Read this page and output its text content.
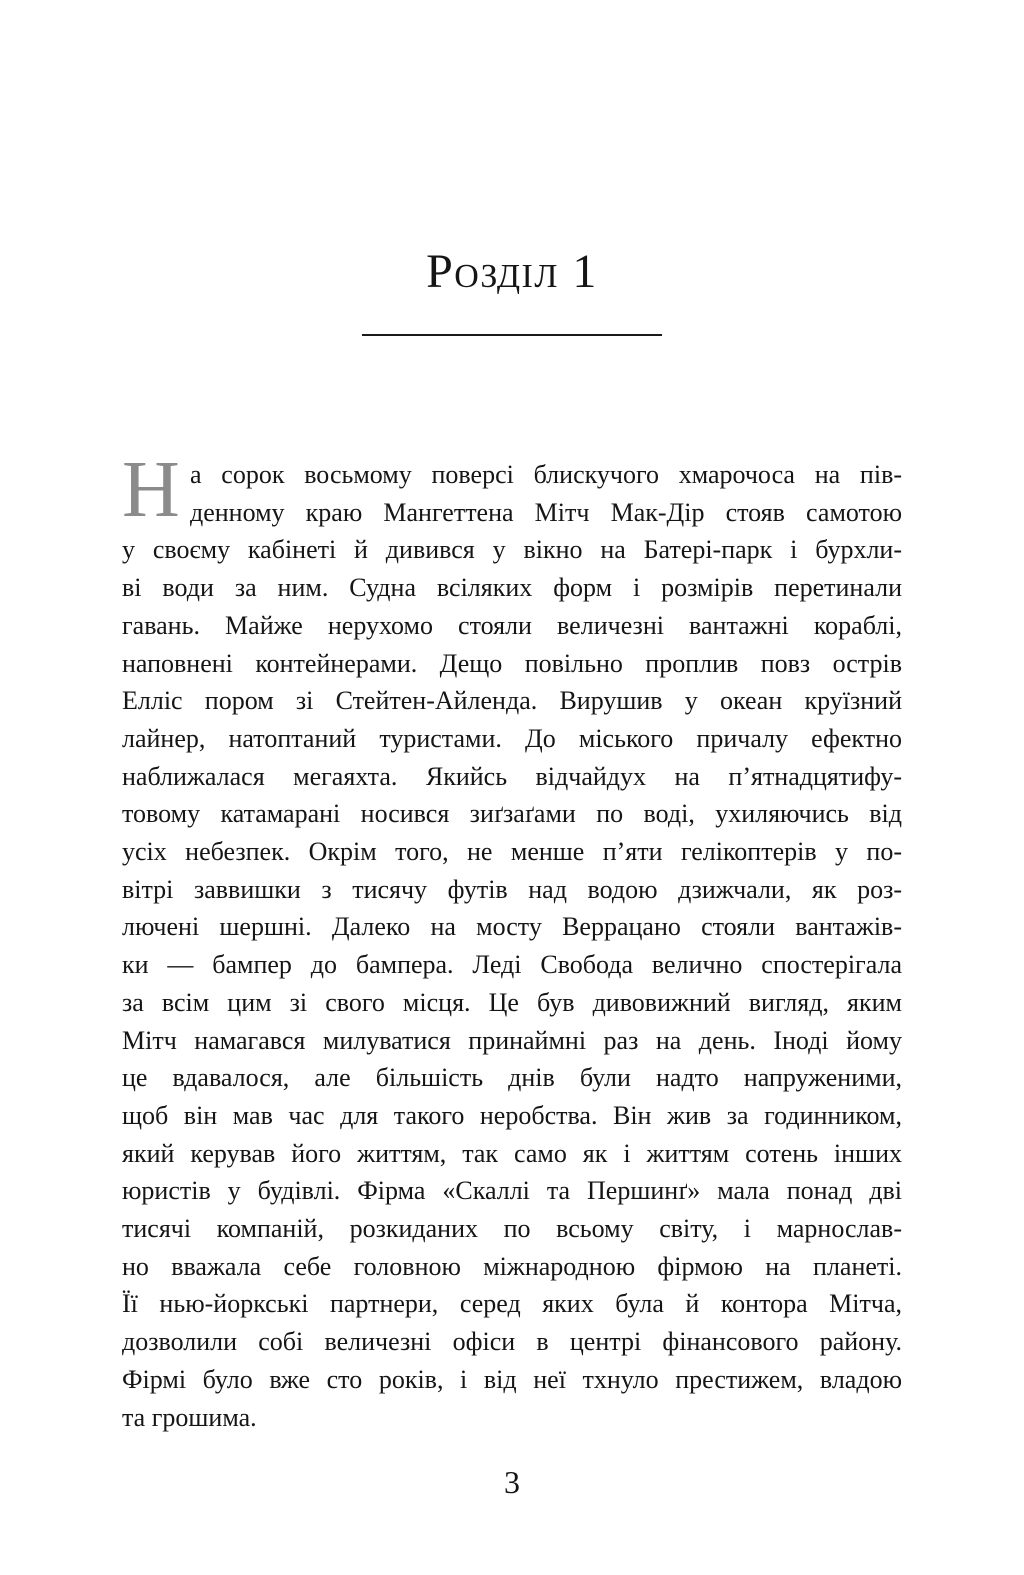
Розділ 1
Н а сорок восьмому поверсі блискучого хмарочоса на пів-
денному краю Мангеттена Мітч Мак-Дір стояв самотою
у своєму кабінеті й дивився у вікно на Батері-парк і бурхли-
ві води за ним. Судна всіляких форм і розмірів перетинали
гавань. Майже нерухомо стояли величезні вантажні кораблі,
наповнені контейнерами. Дещо повільно проплив повз острів
Елліс пором зі Стейтен-Айленда. Вирушив у океан круїзний
лайнер, натоптаний туристами. До міського причалу ефектно
наближалася мегаяхта. Якийсь відчайдух на п’ятнадцятифу-
товому катамарані носився зиґзаґами по воді, ухиляючись від
усіх небезпек. Окрім того, не менше п’яти гелікоптерів у по-
вітрі заввишки з тисячу футів над водою дзижчали, як роз-
лючені шершні. Далеко на мосту Веррацано стояли вантажів-
ки — бампер до бампера. Леді Свобода велично спостерігала
за всім цим зі свого місця. Це був дивовижний вигляд, яким
Мітч намагався милуватися принаймні раз на день. Іноді йому
це вдавалося, але більшість днів були надто напруженими,
щоб він мав час для такого неробства. Він жив за годинником,
який керував його життям, так само як і життям сотень інших
юристів у будівлі. Фірма «Скаллі та Першинґ» мала понад дві
тисячі компаній, розкиданих по всьому світу, і марнослав-
но вважала себе головною міжнародною фірмою на планеті.
Її нью-йоркські партнери, серед яких була й контора Мітча,
дозволили собі величезні офіси в центрі фінансового району.
Фірмі було вже сто років, і від неї тхнуло престижем, владою
та грошима.
3
